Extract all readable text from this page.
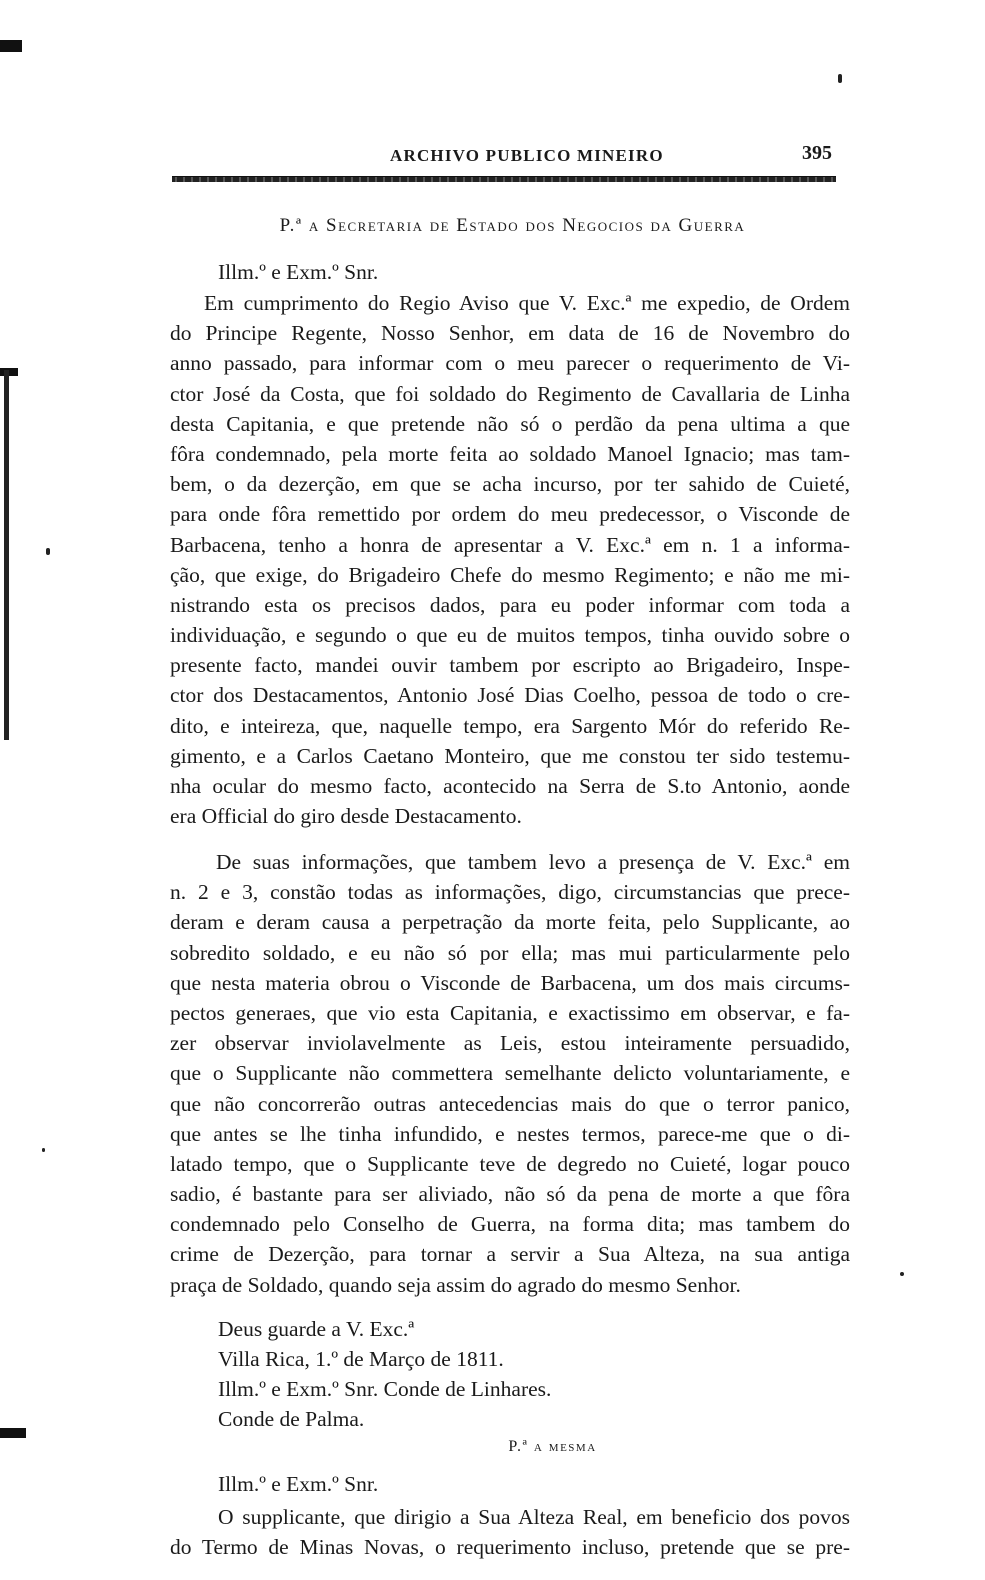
ARCHIVO PUBLICO MINEIRO	395
P.ª a Secretaria de Estado dos Negocios da Guerra
Illm.º e Exm.º Snr.
Em cumprimento do Regio Aviso que V. Exc.ª me expedio, de Ordem
do Principe Regente, Nosso Senhor, em data de 16 de Novembro do
anno passado, para informar com o meu parecer o requerimento de Vi-
ctor José da Costa, que foi soldado do Regimento de Cavallaria de Linha
desta Capitania, e que pretende não só o perdão da pena ultima a que
fôra condemnado, pela morte feita ao soldado Manoel Ignacio; mas tam-
bem, o da dezerção, em que se acha incurso, por ter sahido de Cuieté,
para onde fôra remettido por ordem do meu predecessor, o Visconde de
Barbacena, tenho a honra de apresentar a V. Exc.ª em n. 1 a informa-
ção, que exige, do Brigadeiro Chefe do mesmo Regimento; e não me mi-
nistrando esta os precisos dados, para eu poder informar com toda a
individuação, e segundo o que eu de muitos tempos, tinha ouvido sobre o
presente facto, mandei ouvir tambem por escripto ao Brigadeiro, Inspe-
ctor dos Destacamentos, Antonio José Dias Coelho, pessoa de todo o cre-
dito, e inteireza, que, naquelle tempo, era Sargento Mór do referido Re-
gimento, e a Carlos Caetano Monteiro, que me constou ter sido testemu-
nha ocular do mesmo facto, acontecido na Serra de S.to Antonio, aonde
era Official do giro desde Destacamento.
De suas informações, que tambem levo a presença de V. Exc.ª em
n. 2 e 3, constão todas as informações, digo, circumstancias que prece-
deram e deram causa a perpetração da morte feita, pelo Supplicante, ao
sobredito soldado, e eu não só por ella; mas mui particularmente pelo
que nesta materia obrou o Visconde de Barbacena, um dos mais circums-
pectos generaes, que vio esta Capitania, e exactissimo em observar, e fa-
zer observar inviolavelmente as Leis, estou inteiramente persuadido,
que o Supplicante não commettera semelhante delicto voluntariamente, e
que não concorrerão outras antecedencias mais do que o terror panico,
que antes se lhe tinha infundido, e nestes termos, parece-me que o di-
latado tempo, que o Supplicante teve de degredo no Cuieté, logar pouco
sadio, é bastante para ser aliviado, não só da pena de morte a que fôra
condemnado pelo Conselho de Guerra, na forma dita; mas tambem do
crime de Dezerção, para tornar a servir a Sua Alteza, na sua antiga
praça de Soldado, quando seja assim do agrado do mesmo Senhor.
Deus guarde a V. Exc.ª
Villa Rica, 1.º de Março de 1811.
Illm.º e Exm.º Snr. Conde de Linhares.
Conde de Palma.
P.ª a mesma
Illm.º e Exm.º Snr.
O supplicante, que dirigio a Sua Alteza Real, em beneficio dos povos
do Termo de Minas Novas, o requerimento incluso, pretende que se pre-
